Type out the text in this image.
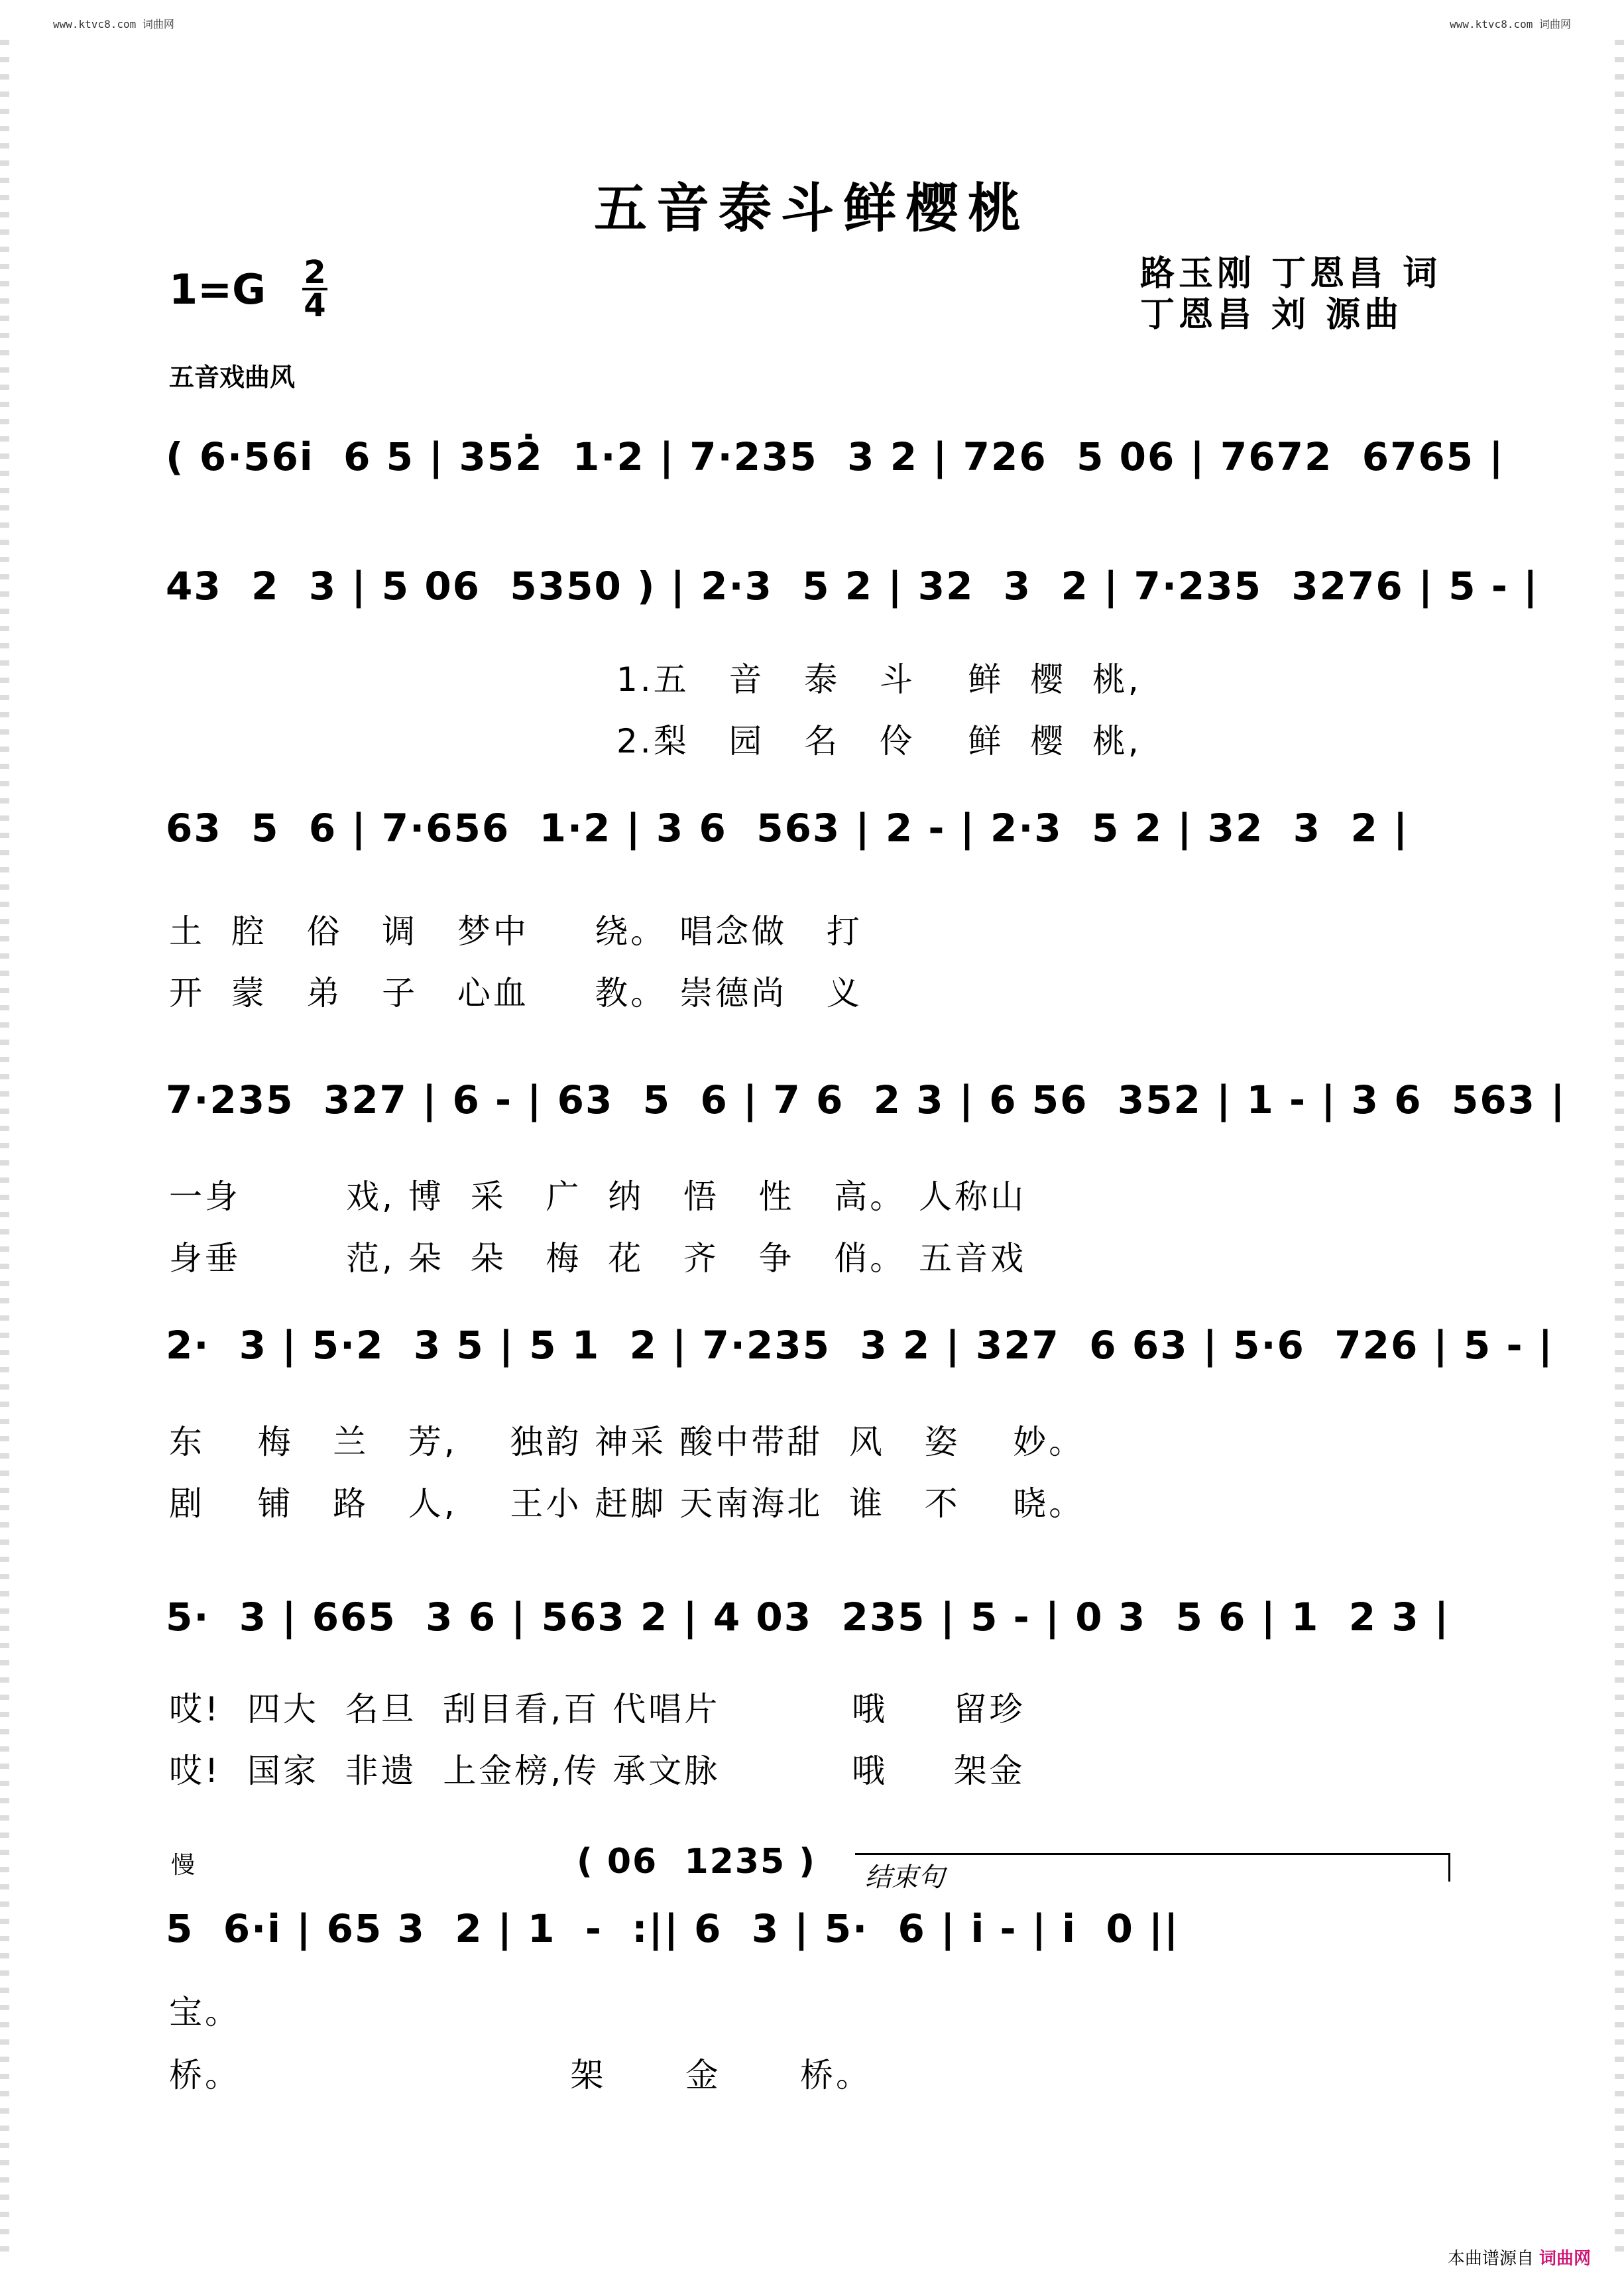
www.ktvc8.com 词曲网	www.ktvc8.com 词曲网
五音泰斗鲜樱桃
1=G 2
4
路玉刚 丁恩昌 词
丁恩昌 刘 源曲
五音戏曲风
( 6·56i̇  6 5 | 352̇  1·2 | 7·235  3 2 | 726  5 06 | 7672  6765 |
43  2  3 | 5 06  5350 ) | 2·3  5 2 | 32  3  2 | 7·235  3276 | 5 - |
1.五   音   泰   斗    鲜  樱  桃,
2.梨   园   名   伶    鲜  樱  桃,
63  5  6 | 7·656  1·2 | 3 6  563 | 2 - | 2·3  5 2 | 32  3  2 |
土  腔   俗   调   梦中     绕。 唱念做   打
开  蒙   弟   子   心血     教。 崇德尚   义
7·235  327 | 6 - | 63  5  6 | 7 6  2 3 | 6 56  352 | 1 - | 3 6  563 |
一身        戏, 博  采   广  纳   悟   性   高。 人称山
身垂        范, 朵  朵   梅  花   齐   争   俏。 五音戏
2·  3 | 5·2  3 5 | 5 1  2 | 7·235  3 2 | 327  6 63 | 5·6  726 | 5 - |
东    梅   兰   芳,    独韵 神采 酸中带甜  风   姿    妙。
剧    铺   路   人,    王小 赶脚 天南海北  谁   不    晓。
5·  3 | 665  3 6 | 563 2 | 4 03  235 | 5 - | 0 3  5 6 | 1  2 3 |
哎!  四大  名旦  刮目看,百 代唱片          哦     留珍
哎!  国家  非遗  上金榜,传 承文脉          哦     架金
慢	( 06  1235 ) 结束句
5  6·i̇ | 65 3  2 | 1  -  :|| 6  3 | 5·  6 | i̇ - | i̇  0 ||
宝。
桥。                         架      金      桥。
本曲谱源自 词曲网
